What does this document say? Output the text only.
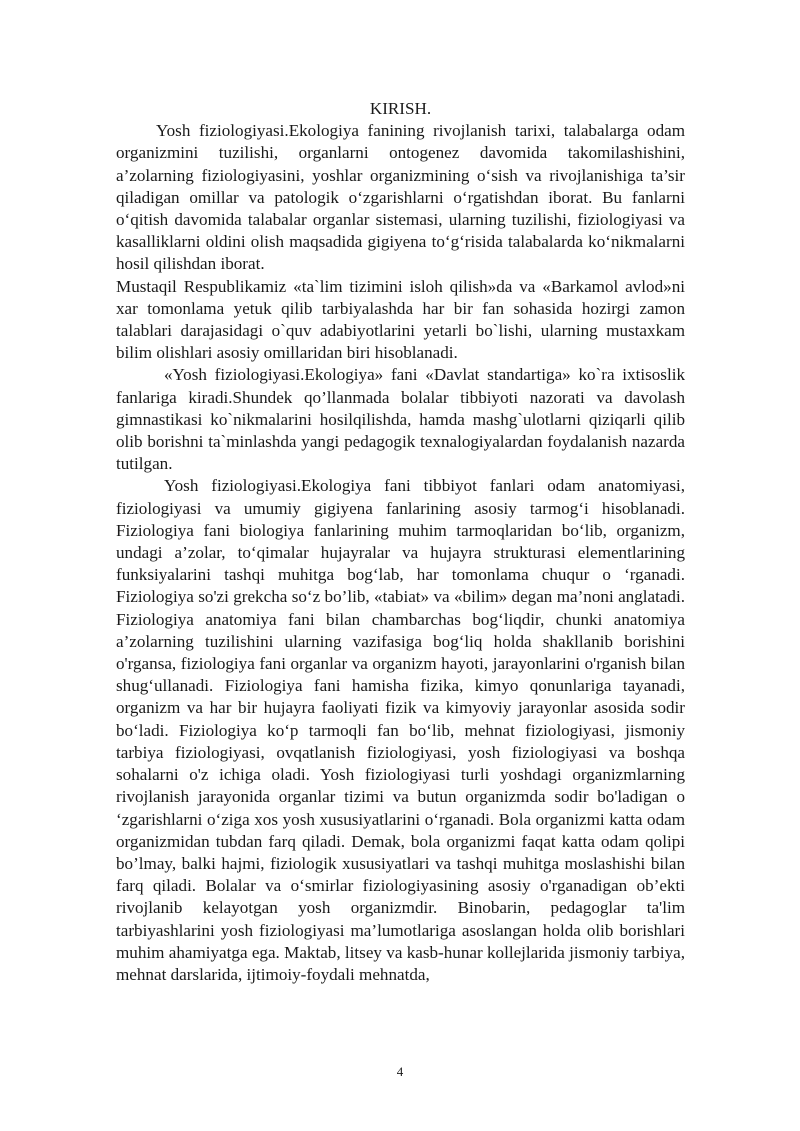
KIRISH.

Yosh fiziologiyasi.Ekologiya fanining rivojlanish tarixi, talabalarga odam organizmini tuzilishi, organlarni ontogenez davomida takomilashishini, a’zolarning fiziologiyasini, yoshlar organizmining o‘sish va rivojlanishiga ta’sir qiladigan omillar va patologik o‘zgarishlarni o‘rgatishdan iborat. Bu fanlarni o‘qitish davomida talabalar organlar sistemasi, ularning tuzilishi, fiziologiyasi va kasalliklarni oldini olish maqsadida gigiyena to‘g‘risida talabalarda ko‘nikmalarni hosil qilishdan iborat.

Mustaqil Respublikamiz «ta`lim tizimini isloh qilish»da va «Barkamol avlod»ni xar tomonlama yetuk qilib tarbiyalashda har bir fan sohasida hozirgi zamon talablari darajasidagi o`quv adabiyotlarini yetarli bo`lishi, ularning mustaxkam bilim olishlari asosiy omillaridan biri hisoblanadi.

«Yosh fiziologiyasi.Ekologiya» fani «Davlat standartiga» ko`ra ixtisoslik fanlariga kiradi.Shundek qo’llanmada bolalar tibbiyoti nazorati va davolash gimnastikasi ko`nikmalarini hosilqilishda, hamda mashg`ulotlarni qiziqarli qilib olib borishni ta`minlashda yangi pedagogik texnalogiyalardan foydalanish nazarda tutilgan.

Yosh fiziologiyasi.Ekologiya fani tibbiyot fanlari odam anatomiyasi, fiziologiyasi va umumiy gigiyena fanlarining asosiy tarmog‘i hisoblanadi. Fiziologiya fani biologiya fanlarining muhim tarmoqlaridan bo‘lib, organizm, undagi a’zolar, to‘qimalar hujayralar va hujayra strukturasi elementlarining funksiyalarini tashqi muhitga bog‘lab, har tomonlama chuqur o ‘rganadi. Fiziologiya so'zi grekcha so‘z bo’lib, «tabiat» va «bilim» degan ma’noni anglatadi. Fiziologiya anatomiya fani bilan chambarchas bog‘liqdir, chunki anatomiya a’zolarning tuzilishini ularning vazifasiga bog‘liq holda shakllanib borishini o'rgansa, fiziologiya fani organlar va organizm hayoti, jarayonlarini o'rganish bilan shug‘ullanadi. Fiziologiya fani hamisha fizika, kimyo qonunlariga tayanadi, organizm va har bir hujayra faoliyati fizik va kimyoviy jarayonlar asosida sodir bo‘ladi. Fiziologiya ko‘p tarmoqli fan bo‘lib, mehnat fiziologiyasi, jismoniy tarbiya fiziologiyasi, ovqatlanish fiziologiyasi, yosh fiziologiyasi va boshqa sohalarni o'z ichiga oladi. Yosh fiziologiyasi turli yoshdagi organizmlarning rivojlanish jarayonida organlar tizimi va butun organizmda sodir bo'ladigan o ‘zgarishlarni o‘ziga xos yosh xususiyatlarini o‘rganadi. Bola organizmi katta odam organizmidan tubdan farq qiladi. Demak, bola organizmi faqat katta odam qolipi bo’lmay, balki hajmi, fiziologik xususiyatlari va tashqi muhitga moslashishi bilan farq qiladi. Bolalar va o‘smirlar fiziologiyasining asosiy o'rganadigan ob’ekti rivojlanib kelayotgan yosh organizmdir. Binobarin, pedagoglar ta'lim tarbiyashlarini yosh fiziologiyasi ma’lumotlariga asoslangan holda olib borishlari muhim ahamiyatga ega. Maktab, litsey va kasb-hunar kollejlarida jismoniy tarbiya, mehnat darslarida, ijtimoiy-foydali mehnatda,

4
